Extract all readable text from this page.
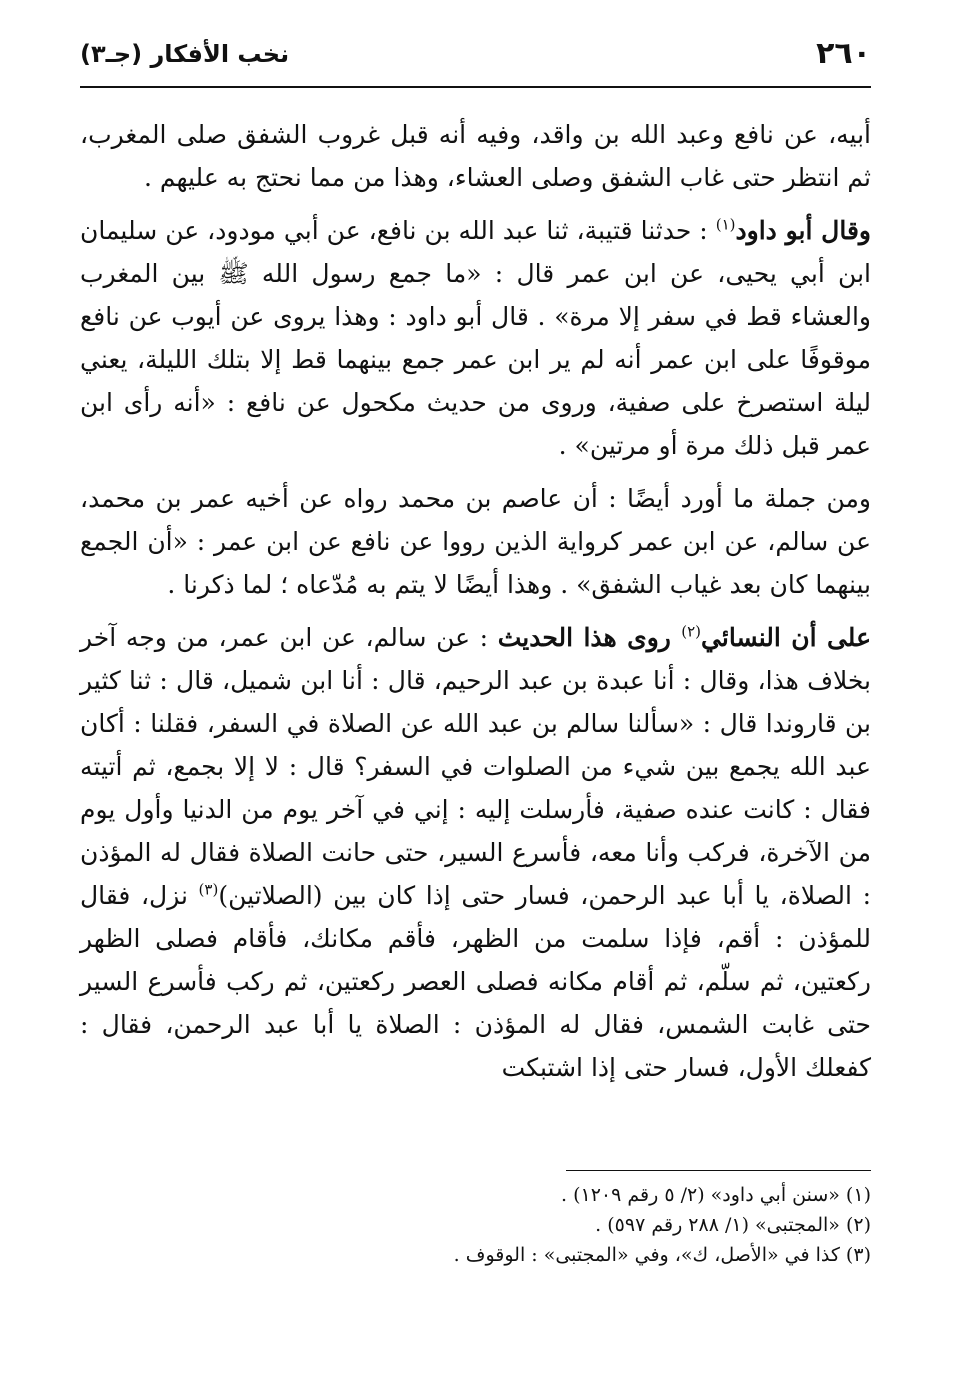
٢٦٠
نخب الأفكار (جـ٣)

أبيه، عن نافع وعبد الله بن واقد، وفيه أنه قبل غروب الشفق صلى المغرب، ثم انتظر حتى غاب الشفق وصلى العشاء، وهذا من مما نحتج به عليهم .

وقال أبو داود$^{(١)}$ : حدثنا قتيبة، ثنا عبد الله بن نافع، عن أبي مودود، عن سليمان ابن أبي يحيى، عن ابن عمر قال : «ما جمع رسول الله ﷺ بين المغرب والعشاء قط في سفر إلا مرة» . قال أبو داود : وهذا يروى عن أيوب عن نافع موقوفًا على ابن عمر أنه لم ير ابن عمر جمع بينهما قط إلا بتلك الليلة، يعني ليلة استصرخ على صفية، وروى من حديث مكحول عن نافع : «أنه رأى ابن عمر قبل ذلك مرة أو مرتين» .

ومن جملة ما أورد أيضًا : أن عاصم بن محمد رواه عن أخيه عمر بن محمد، عن سالم، عن ابن عمر كرواية الذين رووا عن نافع عن ابن عمر : «أن الجمع بينهما كان بعد غياب الشفق» . وهذا أيضًا لا يتم به مُدّعاه ؛ لما ذكرنا .

على أن النسائي$^{(٢)}$ روى هذا الحديث : عن سالم، عن ابن عمر، من وجه آخر بخلاف هذا، وقال : أنا عبدة بن عبد الرحيم، قال : أنا ابن شميل، قال : ثنا كثير بن قاروندا قال : «سألنا سالم بن عبد الله عن الصلاة في السفر، فقلنا : أكان عبد الله يجمع بين شيء من الصلوات في السفر؟ قال : لا إلا بجمع، ثم أتيته فقال : كانت عنده صفية، فأرسلت إليه : إني في آخر يوم من الدنيا وأول يوم من الآخرة، فركب وأنا معه، فأسرع السير، حتى حانت الصلاة فقال له المؤذن : الصلاة، يا أبا عبد الرحمن، فسار حتى إذا كان بين (الصلاتين)$^{(٣)}$ نزل، فقال للمؤذن : أقم، فإذا سلمت من الظهر، فأقم مكانك، فأقام فصلى الظهر ركعتين، ثم سلّم، ثم أقام مكانه فصلى العصر ركعتين، ثم ركب فأسرع السير حتى غابت الشمس، فقال له المؤذن : الصلاة يا أبا عبد الرحمن، فقال : كفعلك الأول، فسار حتى إذا اشتبكت

(١) «سنن أبي داود» (٢/ ٥ رقم ١٢٠٩) .
(٢) «المجتبى» (١/ ٢٨٨ رقم ٥٩٧) .
(٣) كذا في «الأصل، ك»، وفي «المجتبى» : الوقوف .
